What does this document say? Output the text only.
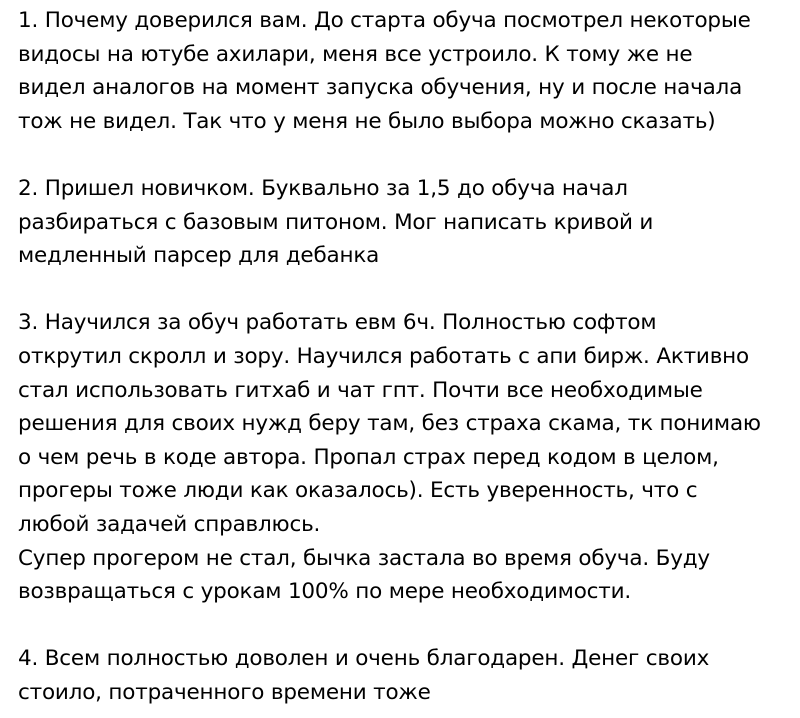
1. Почему доверился вам. До старта обуча посмотрел некоторые
видосы на ютубе ахилари, меня все устроило. К тому же не
видел аналогов на момент запуска обучения, ну и после начала
тож не видел. Так что у меня не было выбора можно сказать)
2. Пришел новичком. Буквально за 1,5 до обуча начал
разбираться с базовым питоном. Мог написать кривой и
медленный парсер для дебанка
3. Научился за обуч работать евм 6ч. Полностью софтом
открутил скролл и зору. Научился работать с апи бирж. Активно
стал использовать гитхаб и чат гпт. Почти все необходимые
решения для своих нужд беру там, без страха скама, тк понимаю
о чем речь в коде автора. Пропал страх перед кодом в целом,
прогеры тоже люди как оказалось). Есть уверенность, что с
любой задачей справлюсь.
Супер прогером не стал, бычка застала во время обуча. Буду
возвращаться с урокам 100% по мере необходимости.
4. Всем полностью доволен и очень благодарен. Денег своих
стоило, потраченного времени тоже
